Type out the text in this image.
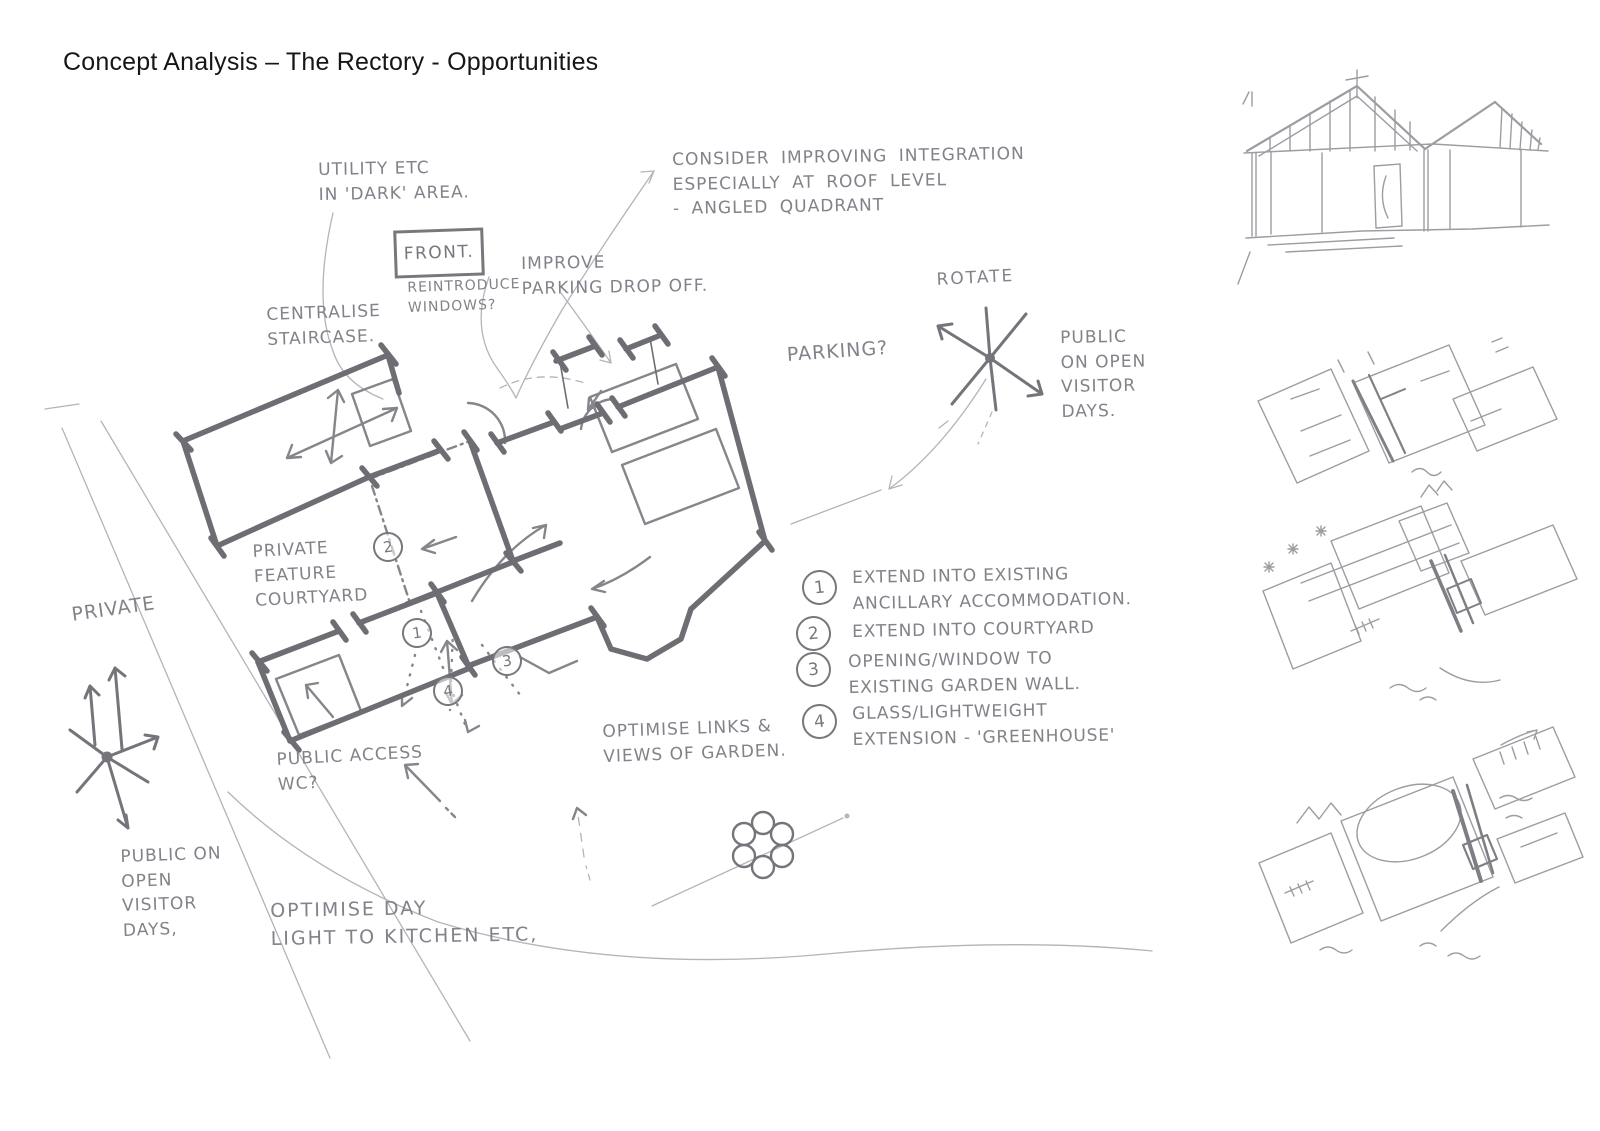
Concept Analysis – The Rectory - Opportunities
UTILITY ETC
IN 'DARK' AREA.
FRONT.
REINTRODUCE
WINDOWS?
IMPROVE
PARKING DROP OFF.
CONSIDER IMPROVING INTEGRATION
ESPECIALLY AT ROOF LEVEL
- ANGLED QUADRANT
CENTRALISE
STAIRCASE.
ROTATE
PARKING?	PUBLIC
ON OPEN
VISITOR
DAYS.
PRIVATE
FEATURE
COURTYARD
PRIVATE
PUBLIC ACCESS
WC?
PUBLIC ON
OPEN
VISITOR
DAYS,
OPTIMISE DAY
LIGHT TO KITCHEN ETC,
OPTIMISE LINKS &
VIEWS OF GARDEN.
1 EXTEND INTO EXISTING
ANCILLARY ACCOMMODATION.
2 EXTEND INTO COURTYARD
3 OPENING/WINDOW TO
EXISTING GARDEN WALL.
4 GLASS/LIGHTWEIGHT
EXTENSION - 'GREENHOUSE'
2
1
3
4
